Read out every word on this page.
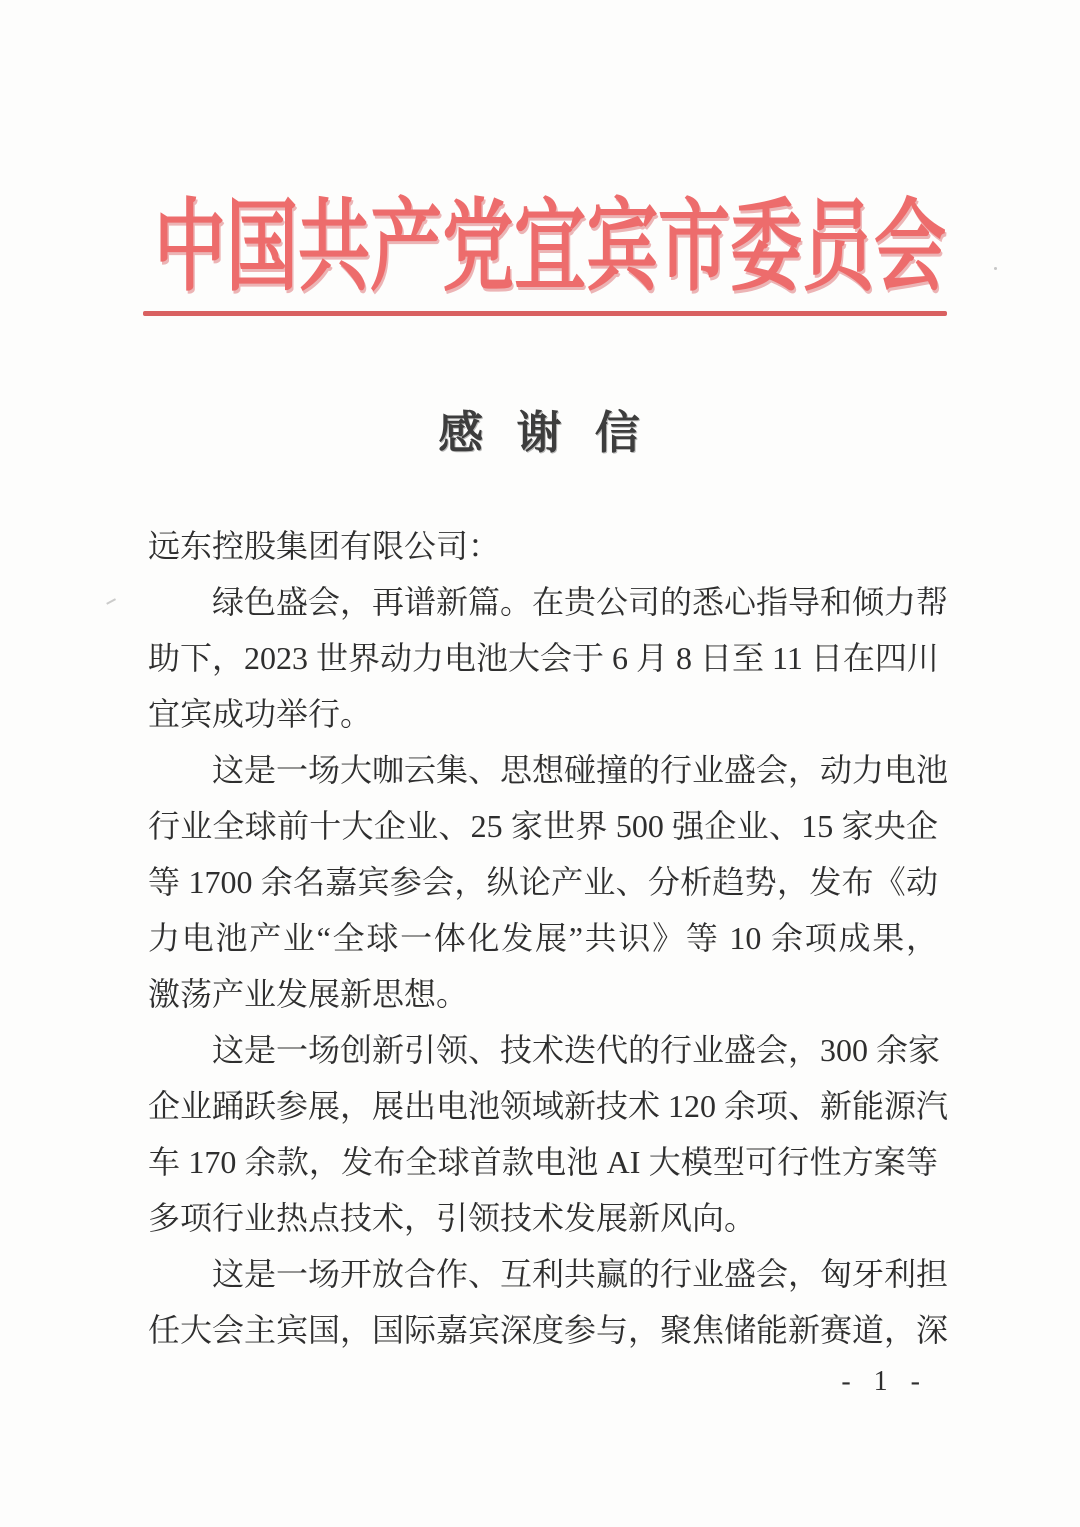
中国共产党宜宾市委员会
感 谢 信
远东控股集团有限公司：
绿色盛会，再谱新篇。在贵公司的悉心指导和倾力帮
助下，2023 世界动力电池大会于 6 月 8 日至 11 日在四川
宜宾成功举行。
这是一场大咖云集、思想碰撞的行业盛会，动力电池
行业全球前十大企业、25 家世界 500 强企业、15 家央企
等 1700 余名嘉宾参会，纵论产业、分析趋势，发布《动
力电池产业“全球一体化发展”共识》等 10 余项成果，
激荡产业发展新思想。
这是一场创新引领、技术迭代的行业盛会，300 余家
企业踊跃参展，展出电池领域新技术 120 余项、新能源汽
车 170 余款，发布全球首款电池 AI 大模型可行性方案等
多项行业热点技术，引领技术发展新风向。
这是一场开放合作、互利共赢的行业盛会，匈牙利担
任大会主宾国，国际嘉宾深度参与，聚焦储能新赛道，深
- 1 -
